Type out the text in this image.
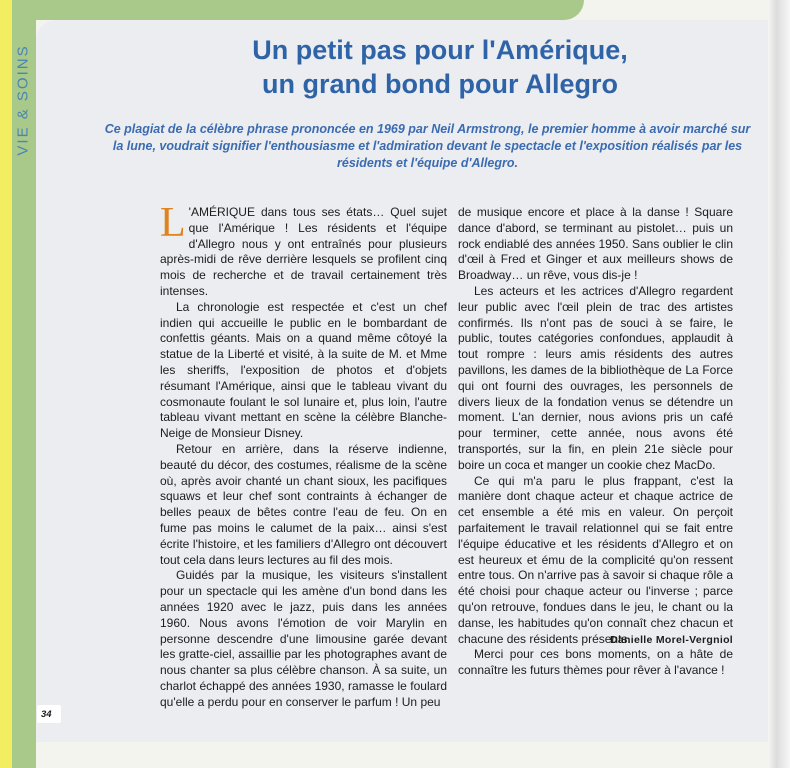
VIE & SOINS	Un petit pas pour l'Amérique,
un grand bond pour Allegro
Ce plagiat de la célèbre phrase prononcée en 1969 par Neil Armstrong, le premier homme à avoir marché sur la lune, voudrait signifier l'enthousiasme et l'admiration devant le spectacle et l'exposition réalisés par les résidents et l'équipe d'Allegro.

L 'AMÉRIQUE dans tous ses états… Quel sujet que l'Amérique ! Les résidents et l'équipe d'Allegro nous y ont entraînés pour plusieurs après-midi de rêve derrière lesquels se profilent cinq mois de recherche et de travail certainement très intenses.

La chronologie est respectée et c'est un chef indien qui accueille le public en le bombardant de confettis géants. Mais on a quand même côtoyé la statue de la Liberté et visité, à la suite de M. et Mme les sheriffs, l'exposition de photos et d'objets résumant l'Amérique, ainsi que le tableau vivant du cosmonaute foulant le sol lunaire et, plus loin, l'autre tableau vivant mettant en scène la célèbre Blanche-Neige de Monsieur Disney.

Retour en arrière, dans la réserve indienne, beauté du décor, des costumes, réalisme de la scène où, après avoir chanté un chant sioux, les pacifiques squaws et leur chef sont contraints à échanger de belles peaux de bêtes contre l'eau de feu. On en fume pas moins le calumet de la paix… ainsi s'est écrite l'histoire, et les familiers d'Allegro ont découvert tout cela dans leurs lectures au fil des mois.

Guidés par la musique, les visiteurs s'installent pour un spectacle qui les amène d'un bond dans les années 1920 avec le jazz, puis dans les années 1960. Nous avons l'émotion de voir Marylin en personne descendre d'une limousine garée devant les gratte-ciel, assaillie par les photographes avant de nous chanter sa plus célèbre chanson. À sa suite, un charlot échappé des années 1930, ramasse le foulard qu'elle a perdu pour en conserver le parfum ! Un peu

de musique encore et place à la danse ! Square dance d'abord, se terminant au pistolet… puis un rock endiablé des années 1950. Sans oublier le clin d'œil à Fred et Ginger et aux meilleurs shows de Broadway… un rêve, vous dis-je !

Les acteurs et les actrices d'Allegro regardent leur public avec l'œil plein de trac des artistes confirmés. Ils n'ont pas de souci à se faire, le public, toutes catégories confondues, applaudit à tout rompre : leurs amis résidents des autres pavillons, les dames de la bibliothèque de La Force qui ont fourni des ouvrages, les personnels de divers lieux de la fondation venus se détendre un moment. L'an dernier, nous avions pris un café pour terminer, cette année, nous avons été transportés, sur la fin, en plein 21e siècle pour boire un coca et manger un cookie chez MacDo.

Ce qui m'a paru le plus frappant, c'est la manière dont chaque acteur et chaque actrice de cet ensemble a été mis en valeur. On perçoit parfaitement le travail relationnel qui se fait entre l'équipe éducative et les résidents d'Allegro et on est heureux et ému de la complicité qu'on ressent entre tous. On n'arrive pas à savoir si chaque rôle a été choisi pour chaque acteur ou l'inverse ; parce qu'on retrouve, fondues dans le jeu, le chant ou la danse, les habitudes qu'on connaît chez chacun et chacune des résidents présents.

Merci pour ces bons moments, on a hâte de connaître les futurs thèmes pour rêver à l'avance !

Danielle Morel-Vergniol
34
